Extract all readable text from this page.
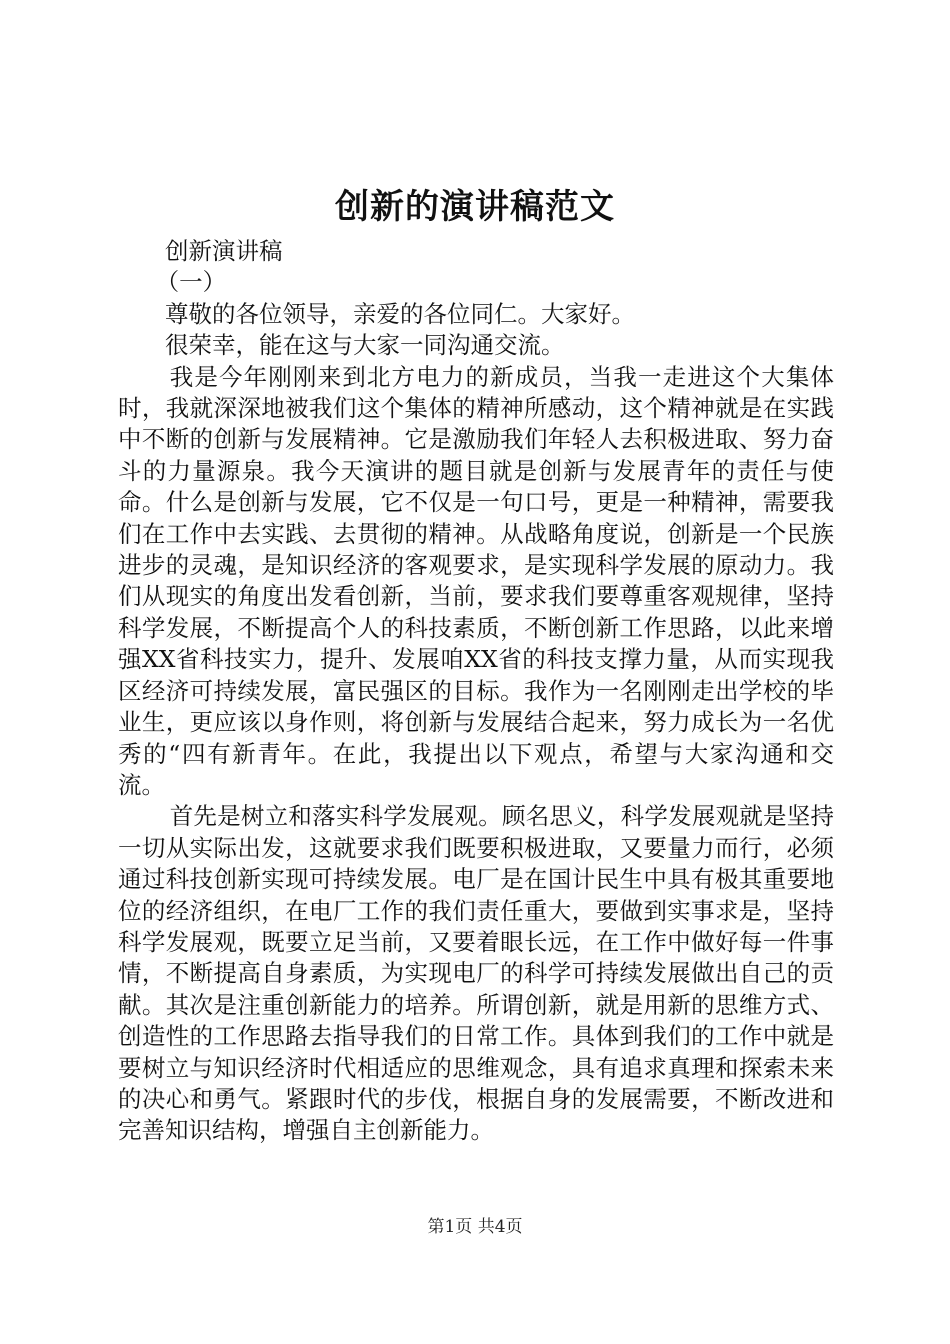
创新的演讲稿范文

创新演讲稿

（一）

尊敬的各位领导，亲爱的各位同仁。大家好。

很荣幸，能在这与大家一同沟通交流。

我是今年刚刚来到北方电力的新成员，当我一走进这个大集体时，我就深深地被我们这个集体的精神所感动，这个精神就是在实践中不断的创新与发展精神。它是激励我们年轻人去积极进取、努力奋斗的力量源泉。我今天演讲的题目就是创新与发展青年的责任与使命。什么是创新与发展，它不仅是一句口号，更是一种精神，需要我们在工作中去实践、去贯彻的精神。从战略角度说，创新是一个民族进步的灵魂，是知识经济的客观要求，是实现科学发展的原动力。我们从现实的角度出发看创新，当前，要求我们要尊重客观规律，坚持科学发展，不断提高个人的科技素质，不断创新工作思路，以此来增强XX省科技实力，提升、发展咱XX省的科技支撑力量，从而实现我区经济可持续发展，富民强区的目标。我作为一名刚刚走出学校的毕业生，更应该以身作则，将创新与发展结合起来，努力成长为一名优秀的“四有新青年。在此，我提出以下观点，希望与大家沟通和交流。

首先是树立和落实科学发展观。顾名思义，科学发展观就是坚持一切从实际出发，这就要求我们既要积极进取，又要量力而行，必须通过科技创新实现可持续发展。电厂是在国计民生中具有极其重要地位的经济组织，在电厂工作的我们责任重大，要做到实事求是，坚持科学发展观，既要立足当前，又要着眼长远，在工作中做好每一件事情，不断提高自身素质，为实现电厂的科学可持续发展做出自己的贡献。其次是注重创新能力的培养。所谓创新，就是用新的思维方式、创造性的工作思路去指导我们的日常工作。具体到我们的工作中就是要树立与知识经济时代相适应的思维观念，具有追求真理和探索未来的决心和勇气。紧跟时代的步伐，根据自身的发展需要，不断改进和完善知识结构，增强自主创新能力。

第1页 共4页
